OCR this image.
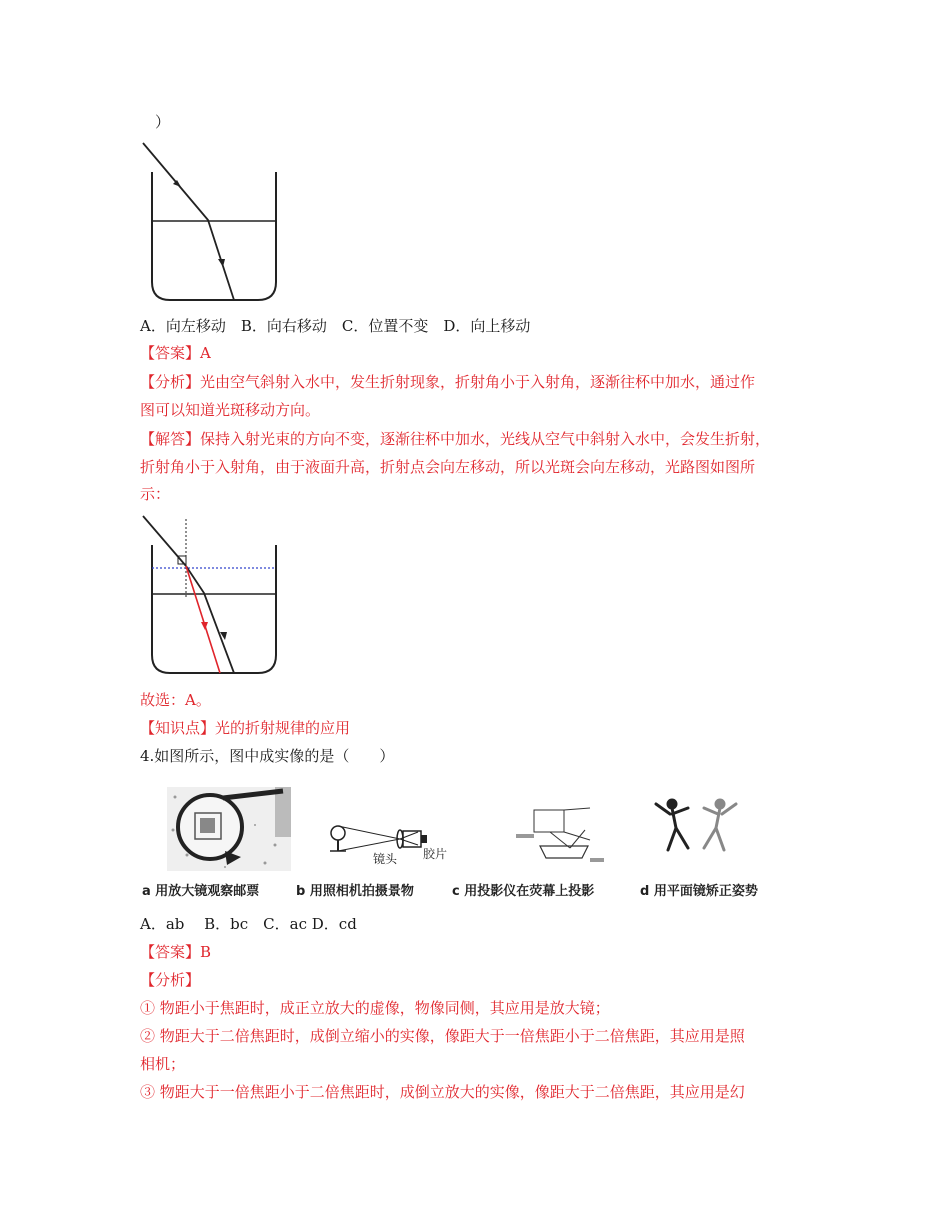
）
A．向左移动　B．向右移动　C．位置不变　D．向上移动
【答案】A
【分析】光由空气斜射入水中，发生折射现象，折射角小于入射角，逐渐往杯中加水，通过作
图可以知道光斑移动方向。
【解答】保持入射光束的方向不变，逐渐往杯中加水，光线从空气中斜射入水中，会发生折射，
折射角小于入射角，由于液面升高，折射点会向左移动，所以光斑会向左移动，光路图如图所
示：
故选：A。
【知识点】光的折射规律的应用
4.如图所示，图中成实像的是（　　）
镜头 胶片
a 用放大镜观察邮票	b 用照相机拍摄景物	c 用投影仪在荧幕上投影	d 用平面镜矫正姿势
A．ab　 B．bc　C．ac D．cd
【答案】B
【分析】
① 物距小于焦距时，成正立放大的虚像，物像同侧，其应用是放大镜；
② 物距大于二倍焦距时，成倒立缩小的实像，像距大于一倍焦距小于二倍焦距，其应用是照
相机；
③ 物距大于一倍焦距小于二倍焦距时，成倒立放大的实像，像距大于二倍焦距，其应用是幻
